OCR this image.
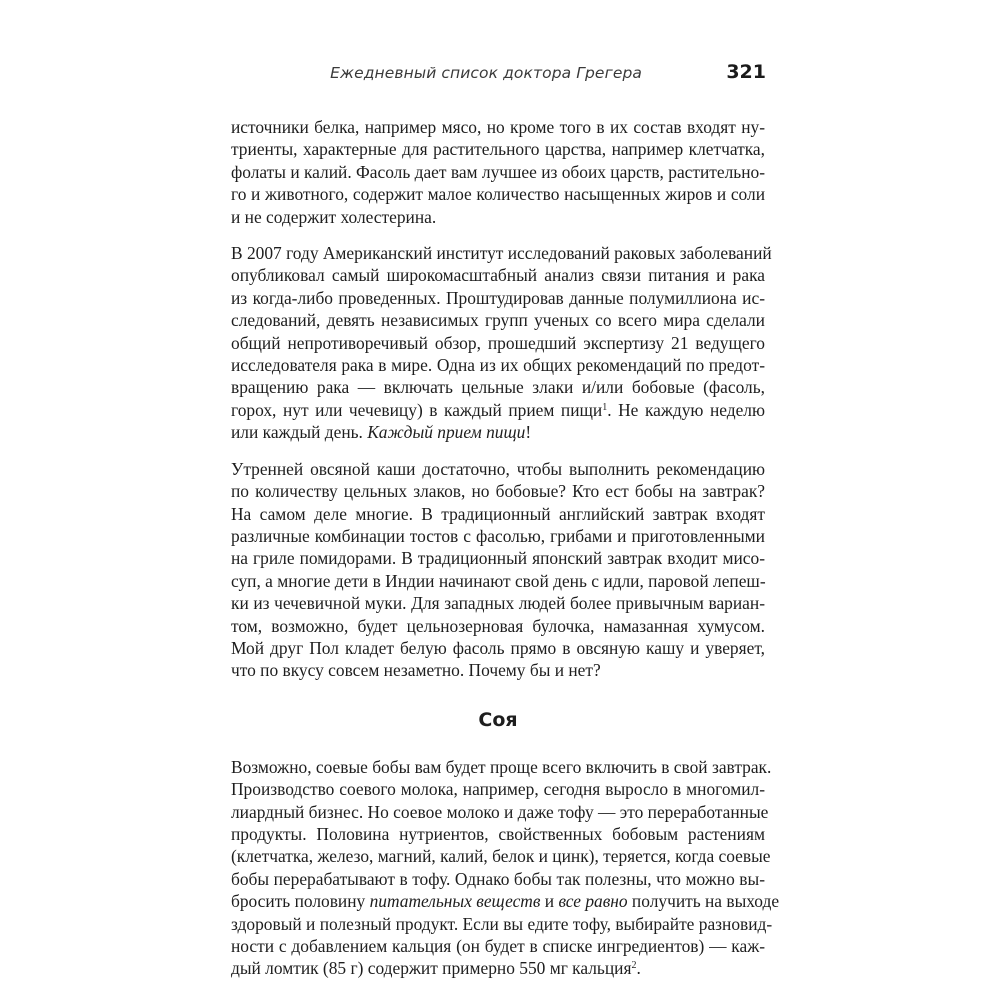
Ежедневный список доктора Грегера	321

источники белка, например мясо, но кроме того в их состав входят ну-
триенты, характерные для растительного царства, например клетчатка,
фолаты и калий. Фасоль дает вам лучшее из обоих царств, растительно-
го и животного, содержит малое количество насыщенных жиров и соли
и не содержит холестерина.

В 2007 году Американский институт исследований раковых заболеваний
опубликовал самый широкомасштабный анализ связи питания и рака
из когда-либо проведенных. Проштудировав данные полумиллиона ис-
следований, девять независимых групп ученых со всего мира сделали
общий непротиворечивый обзор, прошедший экспертизу 21 ведущего
исследователя рака в мире. Одна из их общих рекомендаций по предот-
вращению рака — включать цельные злаки и/или бобовые (фасоль,
горох, нут или чечевицу) в каждый прием пищи$^1$. Не каждую неделю
или каждый день. Каждый прием пищи!

Утренней овсяной каши достаточно, чтобы выполнить рекомендацию
по количеству цельных злаков, но бобовые? Кто ест бобы на завтрак?
На самом деле многие. В традиционный английский завтрак входят
различные комбинации тостов с фасолью, грибами и приготовленными
на гриле помидорами. В традиционный японский завтрак входит мисо-
суп, а многие дети в Индии начинают свой день с идли, паровой лепеш-
ки из чечевичной муки. Для западных людей более привычным вариан-
том, возможно, будет цельнозерновая булочка, намазанная хумусом.
Мой друг Пол кладет белую фасоль прямо в овсяную кашу и уверяет,
что по вкусу совсем незаметно. Почему бы и нет?

Соя

Возможно, соевые бобы вам будет проще всего включить в свой завтрак.
Производство соевого молока, например, сегодня выросло в многомил-
лиардный бизнес. Но соевое молоко и даже тофу — это переработанные
продукты. Половина нутриентов, свойственных бобовым растениям
(клетчатка, железо, магний, калий, белок и цинк), теряется, когда соевые
бобы перерабатывают в тофу. Однако бобы так полезны, что можно вы-
бросить половину питательных веществ и все равно получить на выходе
здоровый и полезный продукт. Если вы едите тофу, выбирайте разновид-
ности с добавлением кальция (он будет в списке ингредиентов) — каж-
дый ломтик (85 г) содержит примерно 550 мг кальция$^2$.
